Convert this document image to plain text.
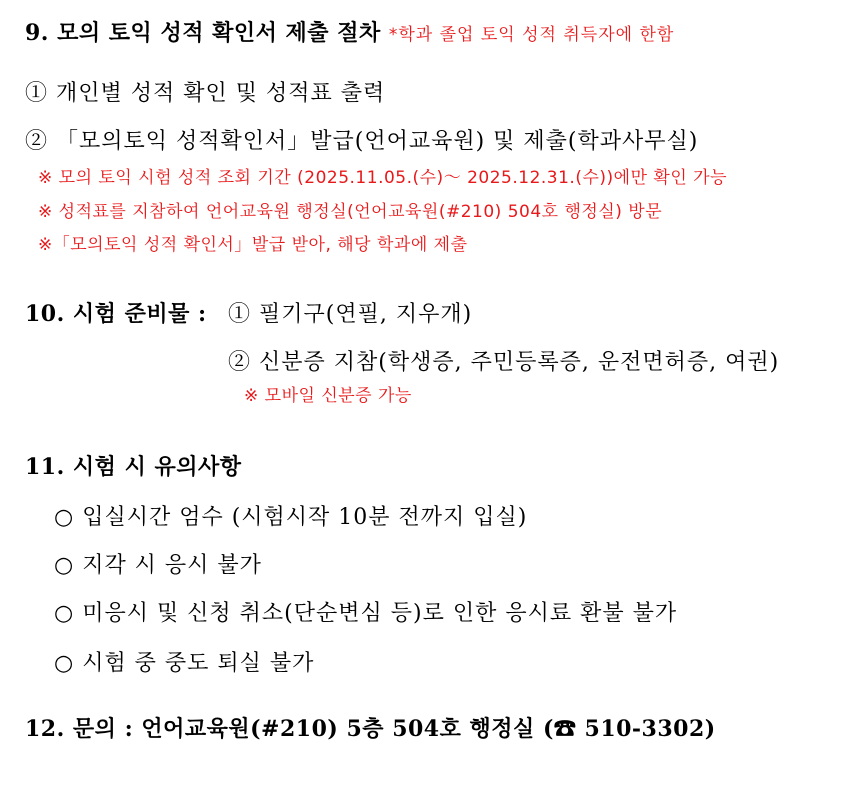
9. 모의 토익 성적 확인서 제출 절차 *학과 졸업 토익 성적 취득자에 한함
① 개인별 성적 확인 및 성적표 출력
② 「모의토익 성적확인서」발급(언어교육원) 및 제출(학과사무실)
※ 모의 토익 시험 성적 조회 기간 (2025.11.05.(수)～ 2025.12.31.(수))에만 확인 가능
※ 성적표를 지참하여 언어교육원 행정실(언어교육원(#210) 504호 행정실) 방문
※「모의토익 성적 확인서」발급 받아, 해당 학과에 제출
10. 시험 준비물 : ① 필기구(연필, 지우개)
② 신분증 지참(학생증, 주민등록증, 운전면허증, 여권)
※ 모바일 신분증 가능
11. 시험 시 유의사항
○ 입실시간 엄수 (시험시작 10분 전까지 입실)
○ 지각 시 응시 불가
○ 미응시 및 신청 취소(단순변심 등)로 인한 응시료 환불 불가
○ 시험 중 중도 퇴실 불가
12. 문의 : 언어교육원(#210) 5층 504호 행정실 (☎ 510-3302)
